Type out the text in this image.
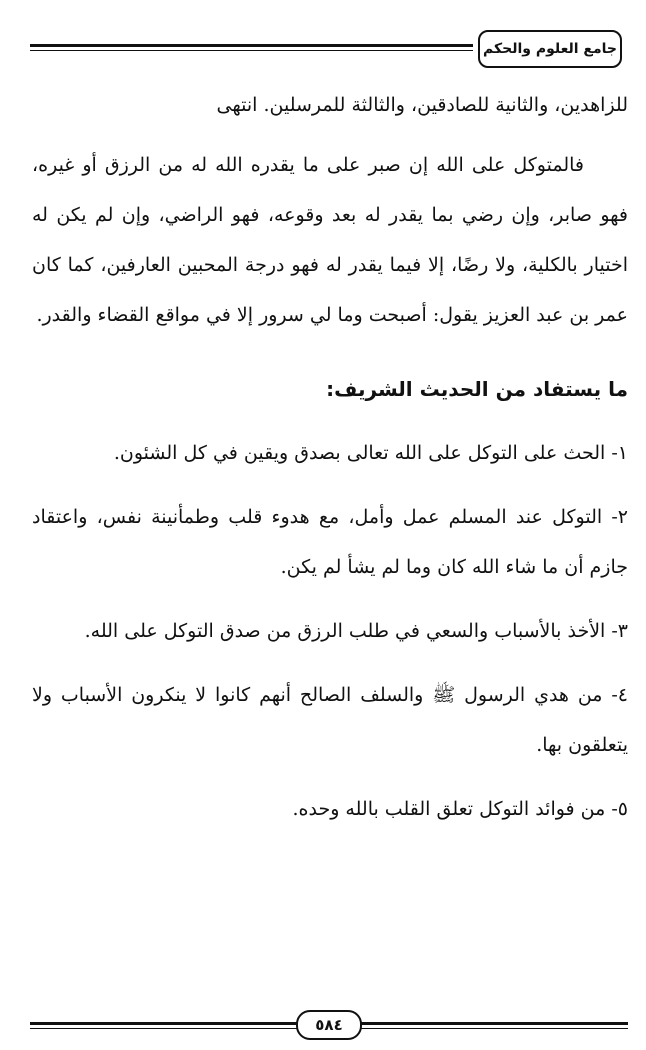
جامع العلوم والحكم

للزاهدين، والثانية للصادقين، والثالثة للمرسلين. انتهى

فالمتوكل على الله إن صبر على ما يقدره الله له من الرزق أو غيره، فهو صابر، وإن رضي بما يقدر له بعد وقوعه، فهو الراضي، وإن لم يكن له اختيار بالكلية، ولا رضًا، إلا فيما يقدر له فهو درجة المحبين العارفين، كما كان عمر بن عبد العزيز يقول: أصبحت وما لي سرور إلا في مواقع القضاء والقدر.

ما يستفاد من الحديث الشريف:

١- الحث على التوكل على الله تعالى بصدق ويقين في كل الشئون.

٢- التوكل عند المسلم عمل وأمل، مع هدوء قلب وطمأنينة نفس، واعتقاد جازم أن ما شاء الله كان وما لم يشأ لم يكن.

٣- الأخذ بالأسباب والسعي في طلب الرزق من صدق التوكل على الله.

٤- من هدي الرسول ﷺ والسلف الصالح أنهم كانوا لا ينكرون الأسباب ولا يتعلقون بها.

٥- من فوائد التوكل تعلق القلب بالله وحده.

٥٨٤
